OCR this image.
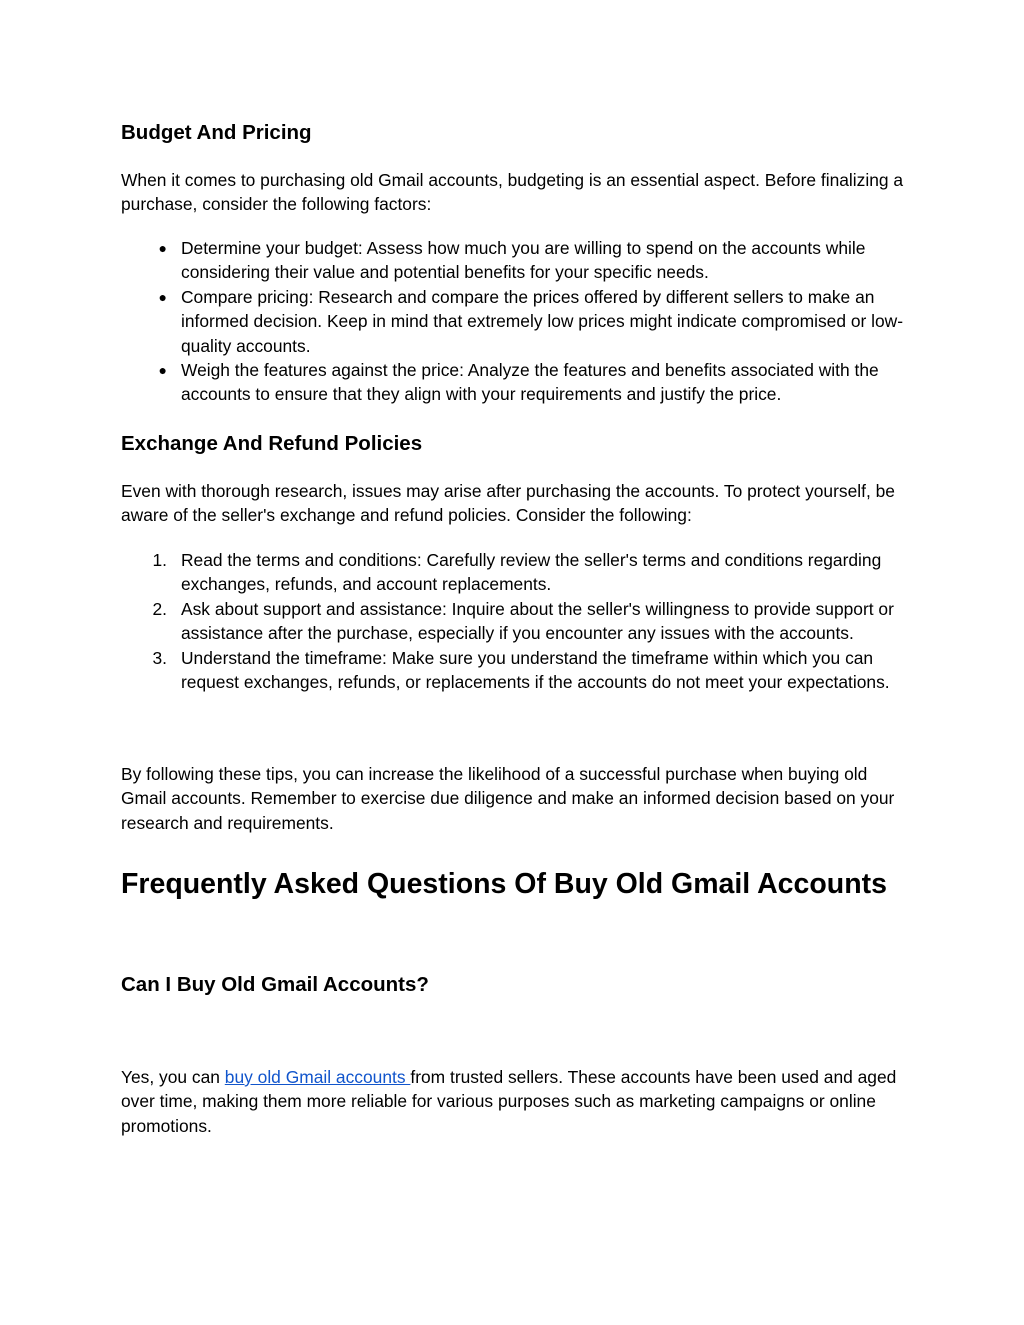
Budget And Pricing

When it comes to purchasing old Gmail accounts, budgeting is an essential aspect. Before finalizing a purchase, consider the following factors:

● Determine your budget: Assess how much you are willing to spend on the accounts while considering their value and potential benefits for your specific needs.
● Compare pricing: Research and compare the prices offered by different sellers to make an informed decision. Keep in mind that extremely low prices might indicate compromised or low-quality accounts.
● Weigh the features against the price: Analyze the features and benefits associated with the accounts to ensure that they align with your requirements and justify the price.
Exchange And Refund Policies

Even with thorough research, issues may arise after purchasing the accounts. To protect yourself, be aware of the seller's exchange and refund policies. Consider the following:

1. Read the terms and conditions: Carefully review the seller's terms and conditions regarding exchanges, refunds, and account replacements.
2. Ask about support and assistance: Inquire about the seller's willingness to provide support or assistance after the purchase, especially if you encounter any issues with the accounts.
3. Understand the timeframe: Make sure you understand the timeframe within which you can request exchanges, refunds, or replacements if the accounts do not meet your expectations.

By following these tips, you can increase the likelihood of a successful purchase when buying old Gmail accounts. Remember to exercise due diligence and make an informed decision based on your research and requirements.

Frequently Asked Questions Of Buy Old Gmail Accounts
Can I Buy Old Gmail Accounts?

Yes, you can buy old Gmail accounts from trusted sellers. These accounts have been used and aged over time, making them more reliable for various purposes such as marketing campaigns or online promotions.
